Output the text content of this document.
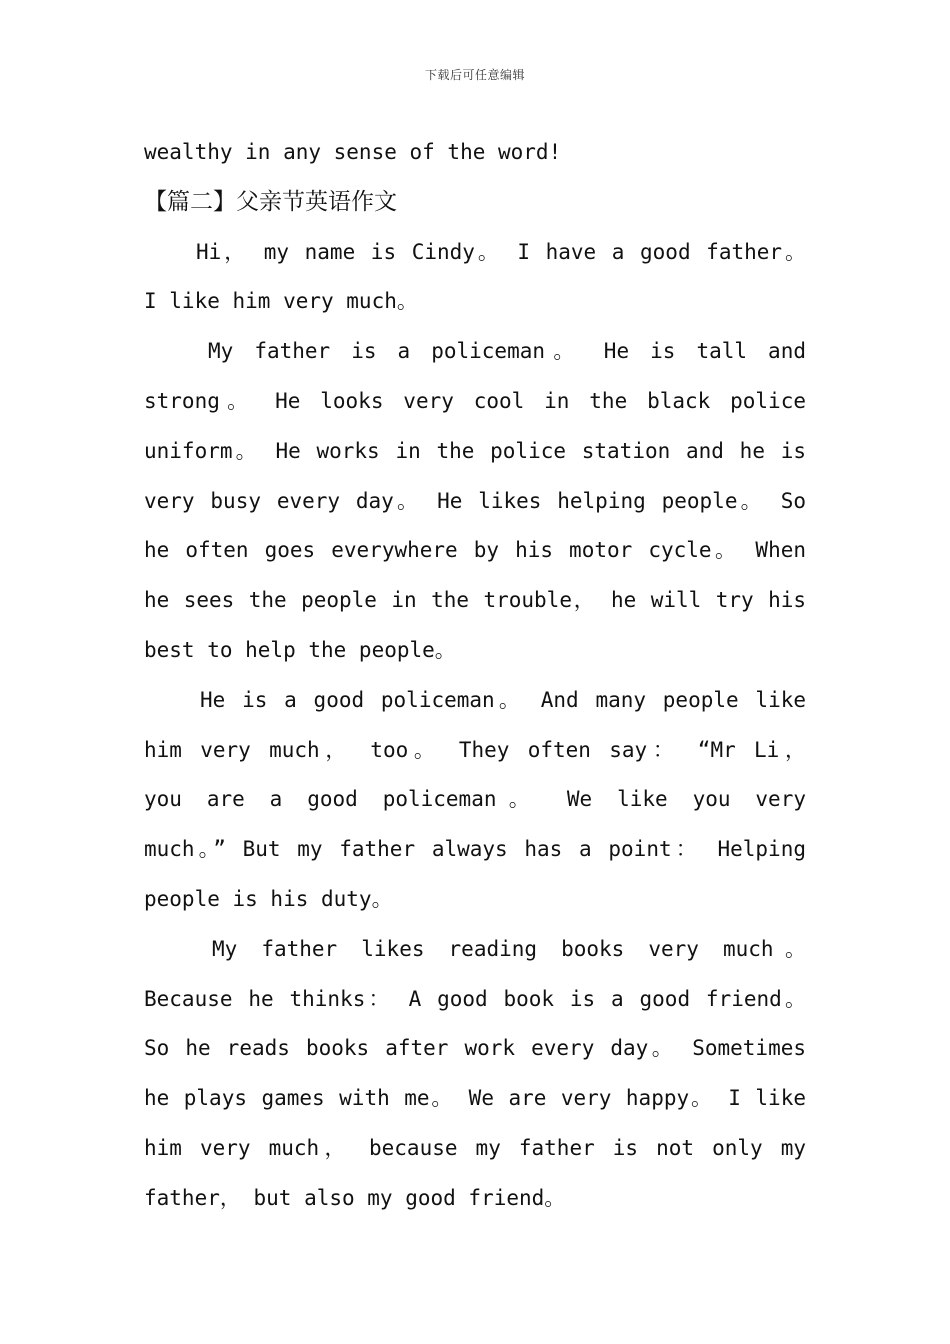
下载后可任意编辑
wealthy in any sense of the word!
【篇二】父亲节英语作文
Hi， my name is Cindy。 I have a good father。
I like him very much。
My father is a policeman。 He is tall and
strong。 He looks very cool in the black police
uniform。 He works in the police station and he is
very busy every day。 He likes helping people。 So
he often goes everywhere by his motor cycle。 When
he sees the people in the trouble， he will try his
best to help the people。
He is a good policeman。 And many people like
him very much， too。 They often say： “Mr Li，
you are a good policeman。 We like you very
much。” But my father always has a point： Helping
people is his duty。
My father likes reading books very much。
Because he thinks： A good book is a good friend。
So he reads books after work every day。 Sometimes
he plays games with me。 We are very happy。 I like
him very much， because my father is not only my
father， but also my good friend。
